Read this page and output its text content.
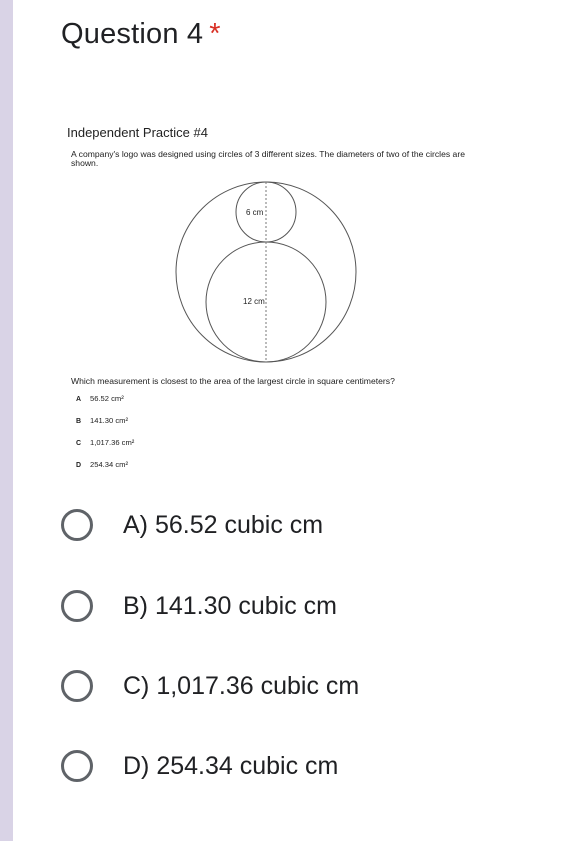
Question 4 *
Independent Practice #4
A company's logo was designed using circles of 3 different sizes. The diameters of two of the circles are shown.
6 cm
12 cm
Which measurement is closest to the area of the largest circle in square centimeters?
A 56.52 cm²
B 141.30 cm²
C 1,017.36 cm²
D 254.34 cm²
A) 56.52 cubic cm
B) 141.30 cubic cm
C) 1,017.36 cubic cm
D) 254.34 cubic cm
